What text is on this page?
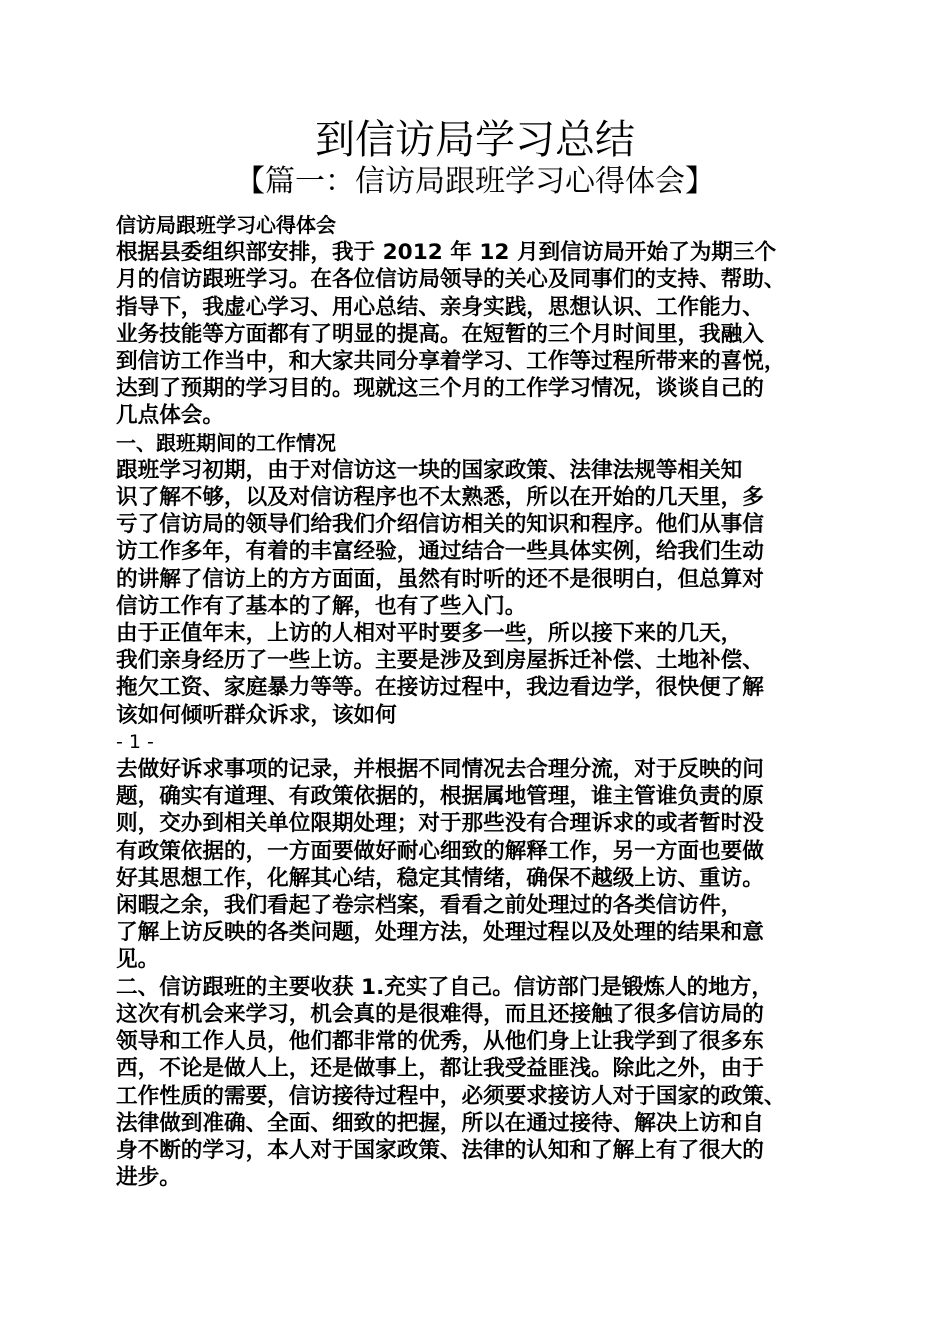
到信访局学习总结
【篇一：信访局跟班学习心得体会】
信访局跟班学习心得体会
根据县委组织部安排，我于 2012 年 12 月到信访局开始了为期三个
月的信访跟班学习。在各位信访局领导的关心及同事们的支持、帮助、
指导下，我虚心学习、用心总结、亲身实践，思想认识、工作能力、
业务技能等方面都有了明显的提高。在短暂的三个月时间里，我融入
到信访工作当中，和大家共同分享着学习、工作等过程所带来的喜悦，
达到了预期的学习目的。现就这三个月的工作学习情况，谈谈自己的
几点体会。
一、跟班期间的工作情况
跟班学习初期，由于对信访这一块的国家政策、法律法规等相关知
识了解不够，以及对信访程序也不太熟悉，所以在开始的几天里，多
亏了信访局的领导们给我们介绍信访相关的知识和程序。他们从事信
访工作多年，有着的丰富经验，通过结合一些具体实例，给我们生动
的讲解了信访上的方方面面，虽然有时听的还不是很明白，但总算对
信访工作有了基本的了解，也有了些入门。
由于正值年末，上访的人相对平时要多一些，所以接下来的几天，
我们亲身经历了一些上访。主要是涉及到房屋拆迁补偿、土地补偿、
拖欠工资、家庭暴力等等。在接访过程中，我边看边学，很快便了解
该如何倾听群众诉求，该如何
- 1 -
去做好诉求事项的记录，并根据不同情况去合理分流，对于反映的问
题，确实有道理、有政策依据的，根据属地管理，谁主管谁负责的原
则，交办到相关单位限期处理；对于那些没有合理诉求的或者暂时没
有政策依据的，一方面要做好耐心细致的解释工作，另一方面也要做
好其思想工作，化解其心结，稳定其情绪，确保不越级上访、重访。
闲暇之余，我们看起了卷宗档案，看看之前处理过的各类信访件，
了解上访反映的各类问题，处理方法，处理过程以及处理的结果和意
见。
二、信访跟班的主要收获 1.充实了自己。信访部门是锻炼人的地方，
这次有机会来学习，机会真的是很难得，而且还接触了很多信访局的
领导和工作人员，他们都非常的优秀，从他们身上让我学到了很多东
西，不论是做人上，还是做事上，都让我受益匪浅。除此之外，由于
工作性质的需要，信访接待过程中，必须要求接访人对于国家的政策、
法律做到准确、全面、细致的把握，所以在通过接待、解决上访和自
身不断的学习，本人对于国家政策、法律的认知和了解上有了很大的
进步。
